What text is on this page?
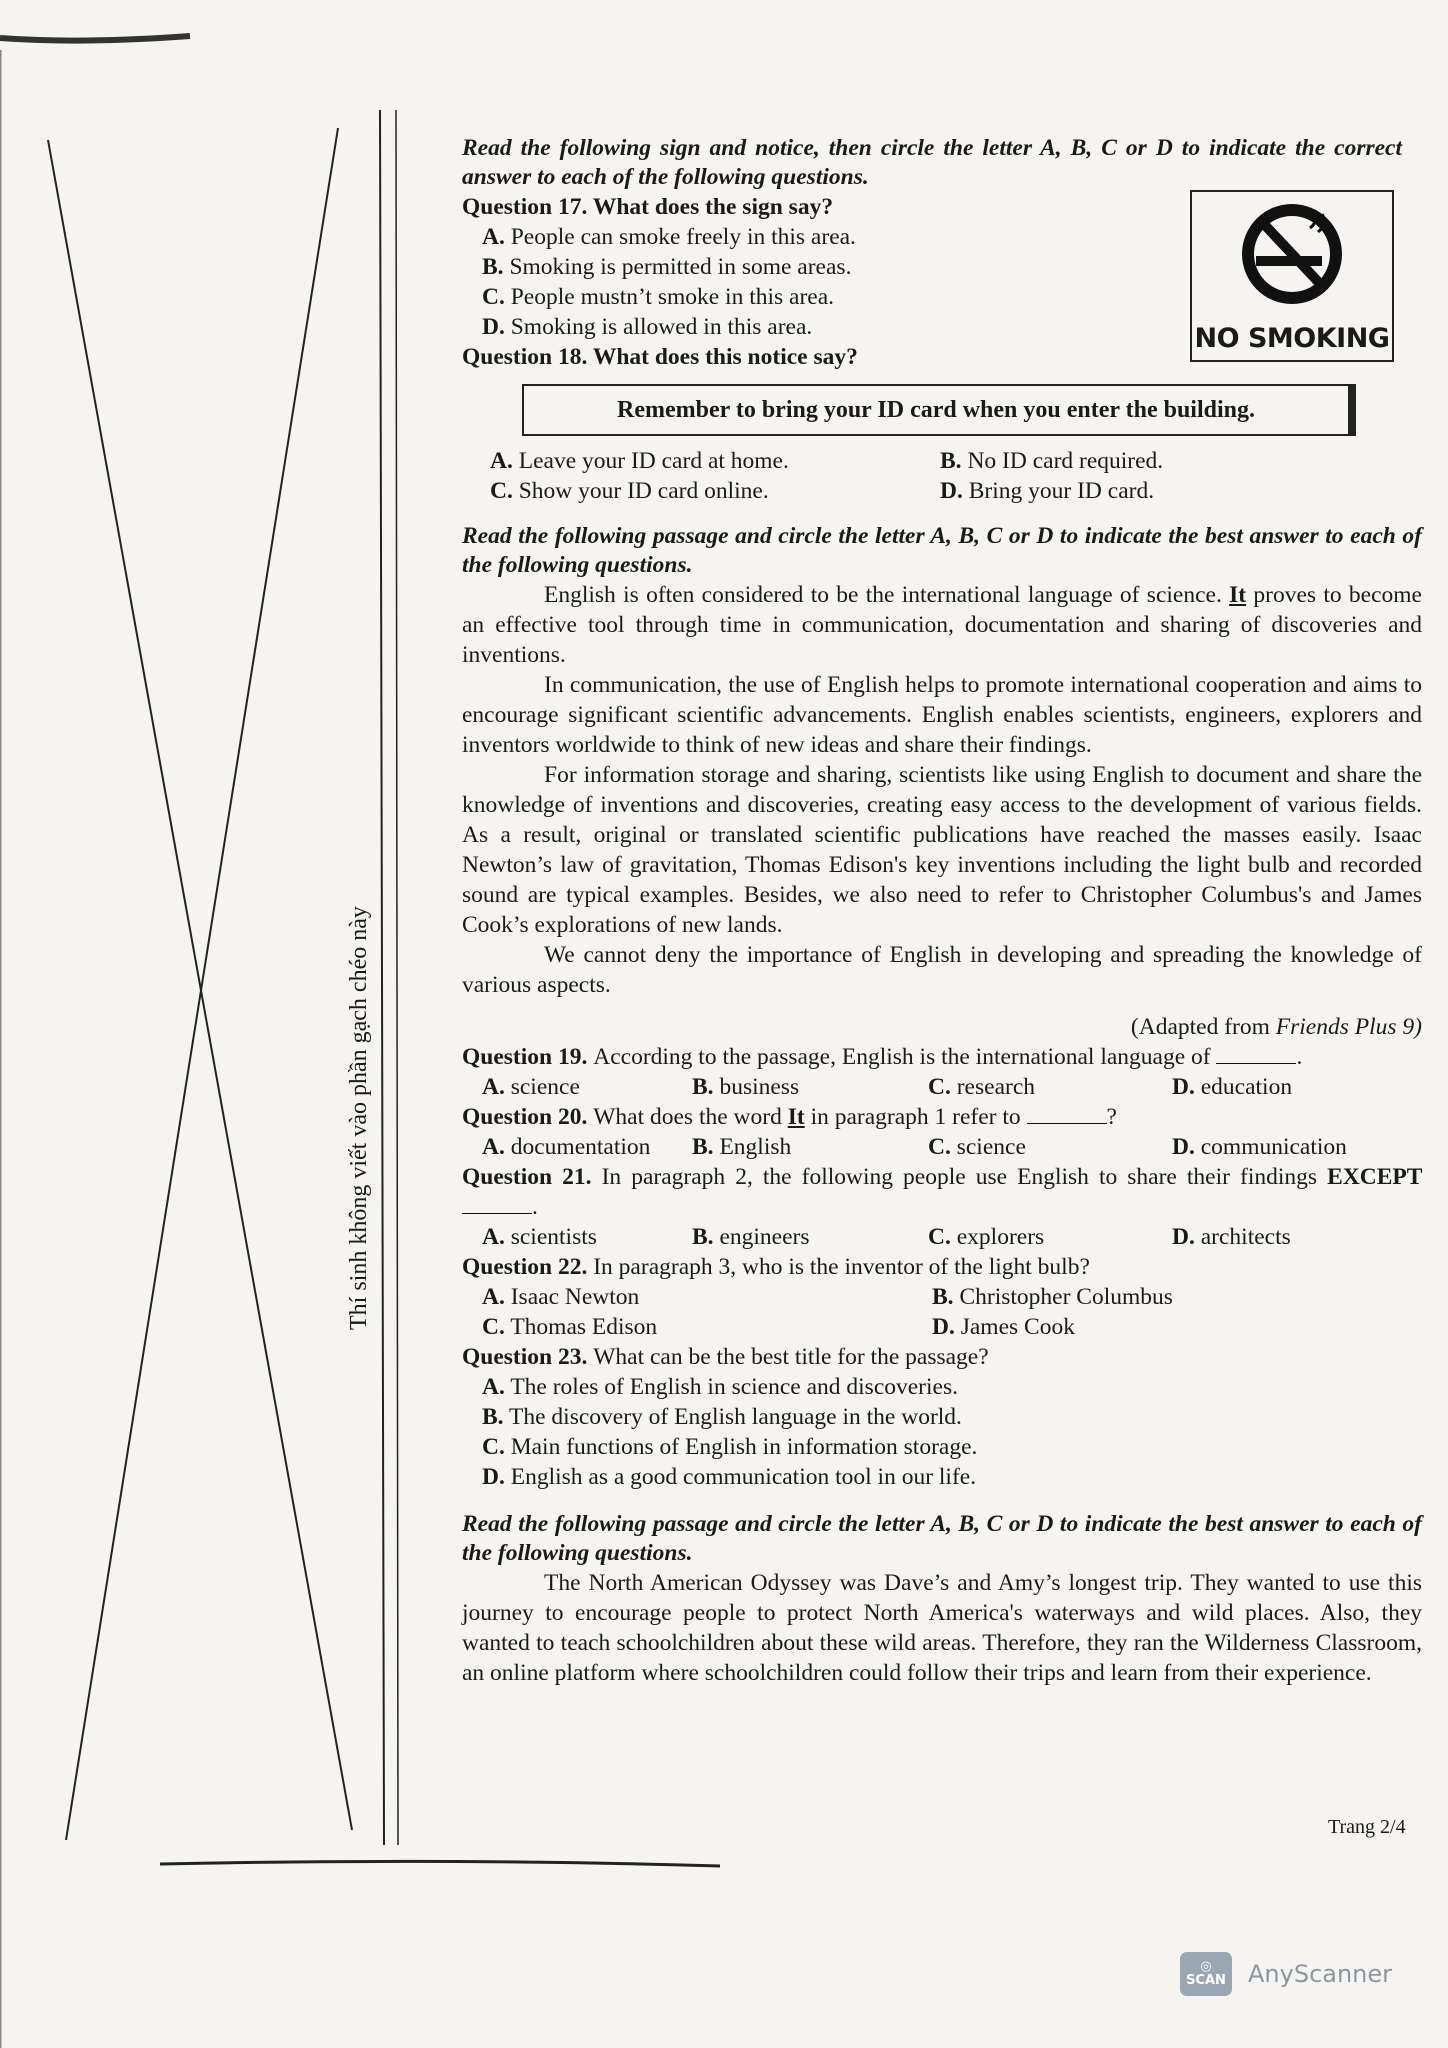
Thí sinh không viết vào phần gạch chéo này
NO SMOKING
Remember to bring your ID card when you enter the building.
Read the following sign and notice, then circle the letter A, B, C or D to indicate the correct answer to each of the following questions.

Question 17. What does the sign say?

A. People can smoke freely in this area.

B. Smoking is permitted in some areas.

C. People mustn’t smoke in this area.

D. Smoking is allowed in this area.

Question 18. What does this notice say?

A. Leave your ID card at home.	B. No ID card required.
C. Show your ID card online.	D. Bring your ID card.
Read the following passage and circle the letter A, B, C or D to indicate the best answer to each of the following questions.

English is often considered to be the international language of science. It proves to become an effective tool through time in communication, documentation and sharing of discoveries and inventions.

In communication, the use of English helps to promote international cooperation and aims to encourage significant scientific advancements. English enables scientists, engineers, explorers and inventors worldwide to think of new ideas and share their findings.

For information storage and sharing, scientists like using English to document and share the knowledge of inventions and discoveries, creating easy access to the development of various fields. As a result, original or translated scientific publications have reached the masses easily. Isaac Newton’s law of gravitation, Thomas Edison's key inventions including the light bulb and recorded sound are typical examples. Besides, we also need to refer to Christopher Columbus's and James Cook’s explorations of new lands.

We cannot deny the importance of English in developing and spreading the knowledge of various aspects.

(Adapted from Friends Plus 9)

Question 19. According to the passage, English is the international language of	.

A. science	B. business	C. research	D. education

Question 20. What does the word It in paragraph 1 refer to	?

A. documentation	B. English	C. science	D. communication

Question 21. In paragraph 2, the following people use English to share their findings EXCEPT .

A. scientists	B. engineers	C. explorers	D. architects

Question 22. In paragraph 3, who is the inventor of the light bulb?

A. Isaac Newton	B. Christopher Columbus
C. Thomas Edison	D. James Cook

Question 23. What can be the best title for the passage?

A. The roles of English in science and discoveries.

B. The discovery of English language in the world.

C. Main functions of English in information storage.

D. English as a good communication tool in our life.

Read the following passage and circle the letter A, B, C or D to indicate the best answer to each of the following questions.

The North American Odyssey was Dave’s and Amy’s longest trip. They wanted to use this journey to encourage people to protect North America's waterways and wild places. Also, they wanted to teach schoolchildren about these wild areas. Therefore, they ran the Wilderness Classroom, an online platform where schoolchildren could follow their trips and learn from their experience.

Trang 2/4
◎
SCAN AnyScanner
